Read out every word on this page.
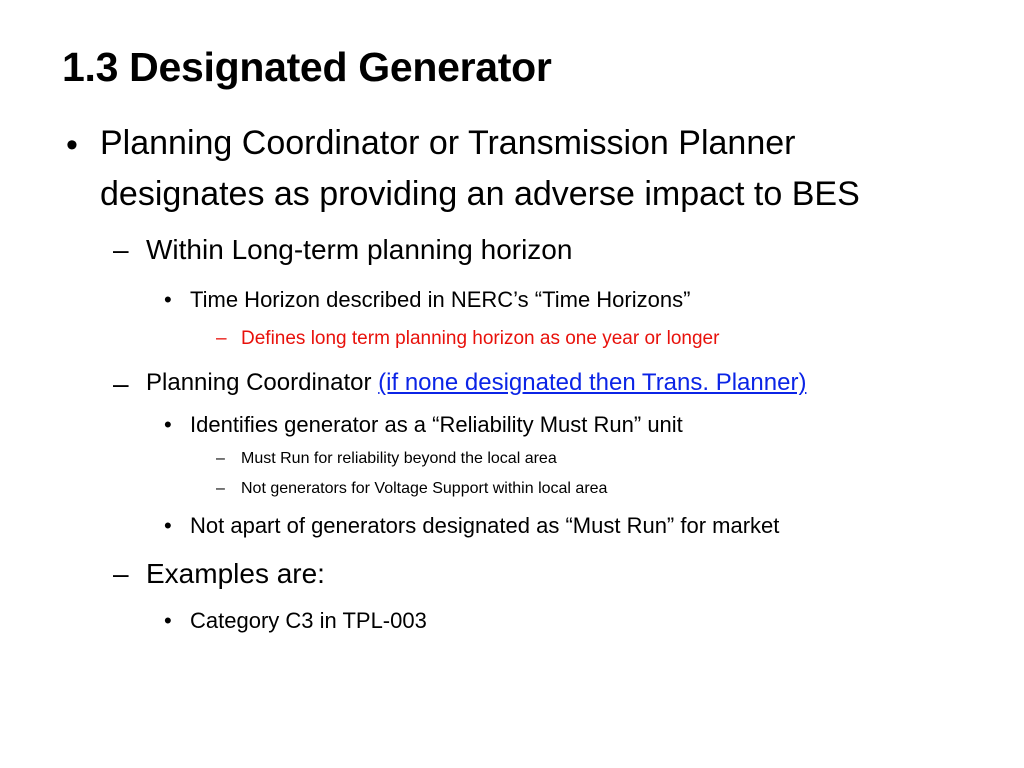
1.3 Designated Generator
• Planning Coordinator or Transmission Planner
designates as providing an adverse impact to BES
– Within Long-term planning horizon
• Time Horizon described in NERC’s “Time Horizons”
– Defines long term planning horizon as one year or longer
– Planning Coordinator (if none designated then Trans. Planner)
• Identifies generator as a “Reliability Must Run” unit
– Must Run for reliability beyond the local area
– Not generators for Voltage Support within local area
• Not apart of generators designated as “Must Run” for market
– Examples are:
• Category C3 in TPL-003
